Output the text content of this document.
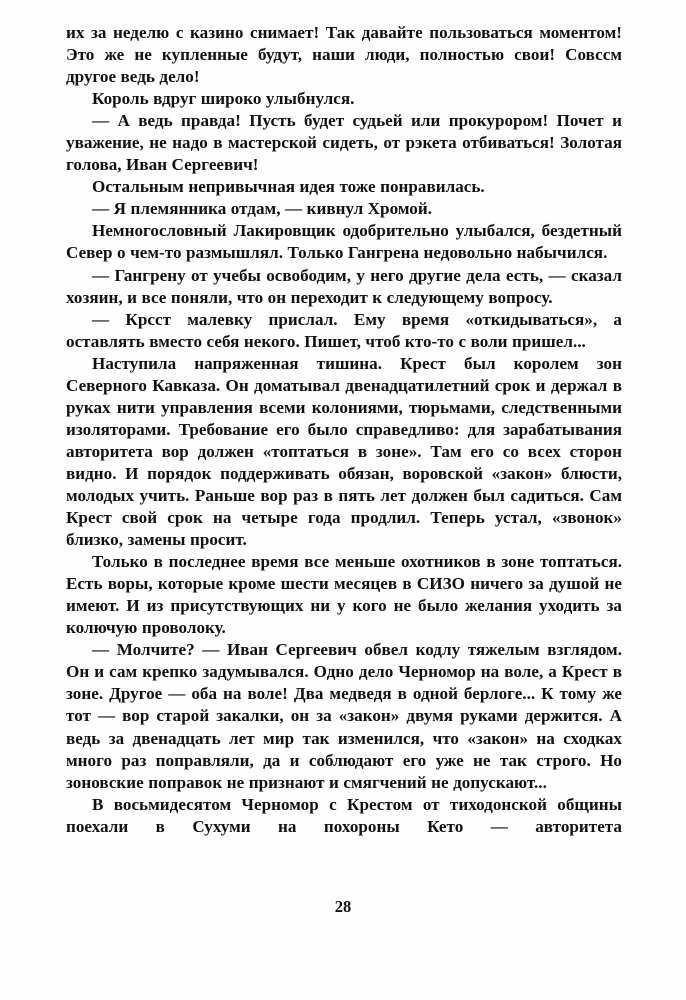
их за неделю с казино снимает! Так давайте пользоваться моментом! Это же не купленные будут, наши люди, полностью свои! Совссм другое ведь дело!

Король вдруг широко улыбнулся.

— А ведь правда! Пусть будет судьей или прокурором! Почет и уважение, не надо в мастерской сидеть, от рэкета отбиваться! Золотая голова, Иван Сергеевич!

Остальным непривычная идея тоже понравилась.

— Я племянника отдам, — кивнул Хромой.

Немногословный Лакировщик одобрительно улыбался, бездетный Север о чем-то размышлял. Только Гангрена недовольно набычился.

— Гангрену от учебы освободим, у него другие дела есть, — сказал хозяин, и все поняли, что он переходит к следующему вопросу.

— Крсст малевку прислал. Ему время «откидываться», а оставлять вместо себя некого. Пишет, чтоб кто-то с воли пришел...

Наступила напряженная тишина. Крест был королем зон Северного Кавказа. Он доматывал двенадцатилетний срок и держал в руках нити управления всеми колониями, тюрьмами, следственными изоляторами. Требование его было справедливо: для зарабатывания авторитета вор должен «топтаться в зоне». Там его со всех сторон видно. И порядок поддерживать обязан, воровской «закон» блюсти, молодых учить. Раньше вор раз в пять лет должен был садиться. Сам Крест свой срок на четыре года продлил. Теперь устал, «звонок» близко, замены просит.

Только в последнее время все меньше охотников в зоне топтаться. Есть воры, которые кроме шести месяцев в СИЗО ничего за душой не имеют. И из присутствующих ни у кого не было желания уходить за колючую проволоку.

— Молчите? — Иван Сергеевич обвел кодлу тяжелым взглядом. Он и сам крепко задумывался. Одно дело Черномор на воле, а Крест в зоне. Другое — оба на воле! Два медведя в одной берлоге... К тому же тот — вор старой закалки, он за «закон» двумя руками держится. А ведь за двенадцать лет мир так изменился, что «закон» на сходках много раз поправляли, да и соблюдают его уже не так строго. Но зоновские поправок не признают и смягчений не допускают...

В восьмидесятом Черномор с Крестом от тиходонской общины поехали в Сухуми на похороны Кето — авторитета

28
